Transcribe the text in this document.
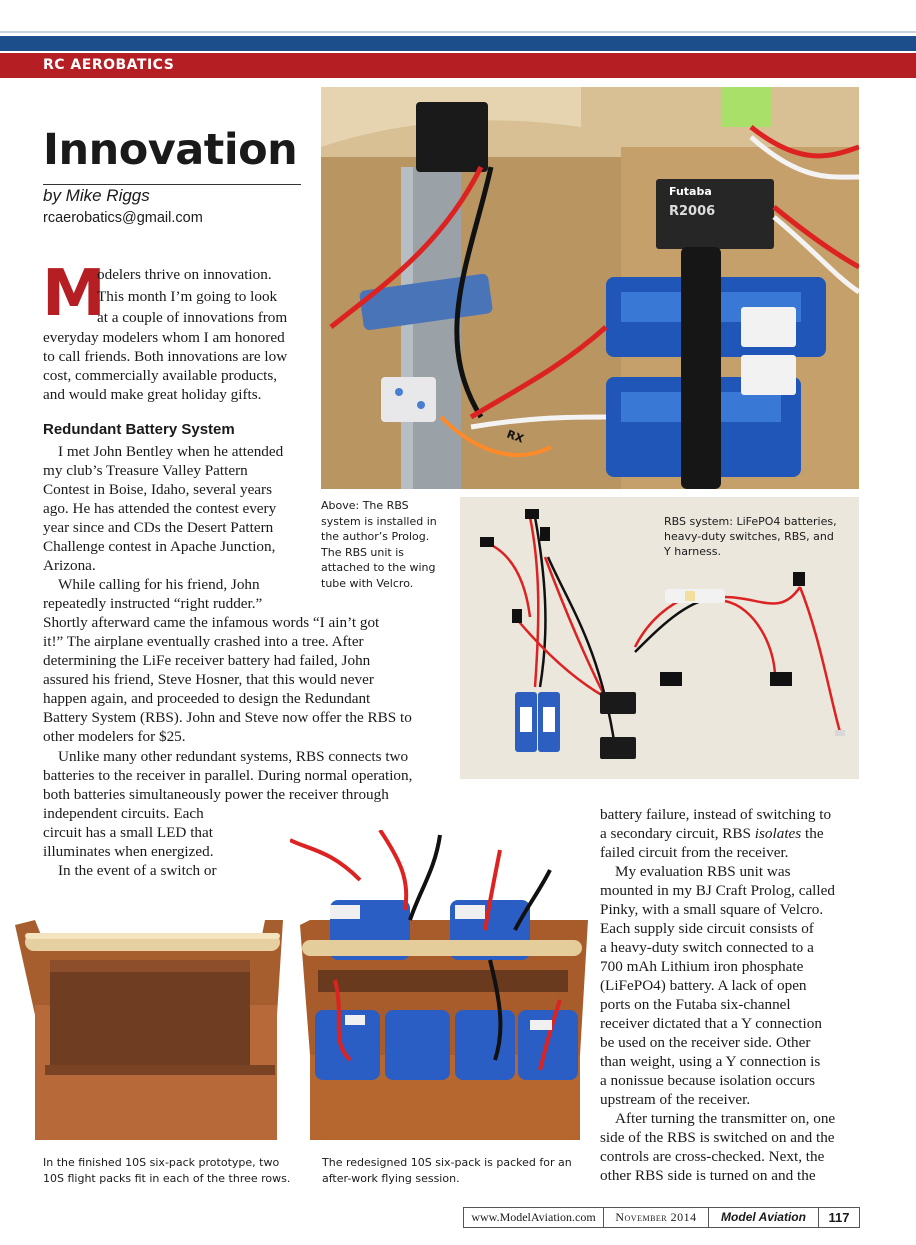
RC AEROBATICS
Innovation
by Mike Riggs
rcaerobatics@gmail.com
M
odelers thrive on innovation.
This month I’m going to look
at a couple of innovations from
everyday modelers whom I am honored
to call friends. Both innovations are low
cost, commercially available products,
and would make great holiday gifts.
Redundant Battery System
I met John Bentley when he attended
my club’s Treasure Valley Pattern
Contest in Boise, Idaho, several years
ago. He has attended the contest every
year since and CDs the Desert Pattern
Challenge contest in Apache Junction,
Arizona.
While calling for his friend, John
repeatedly instructed “right rudder.”
Shortly afterward came the infamous words “I ain’t got
it!” The airplane eventually crashed into a tree. After
determining the LiFe receiver battery had failed, John
assured his friend, Steve Hosner, that this would never
happen again, and proceeded to design the Redundant
Battery System (RBS). John and Steve now offer the RBS to
other modelers for $25.
Unlike many other redundant systems, RBS connects two
batteries to the receiver in parallel. During normal operation,
both batteries simultaneously power the receiver through
independent circuits. Each
circuit has a small LED that
illuminates when energized.
In the event of a switch or
battery failure, instead of switching to
a secondary circuit, RBS isolates the
failed circuit from the receiver.
My evaluation RBS unit was
mounted in my BJ Craft Prolog, called
Pinky, with a small square of Velcro.
Each supply side circuit consists of
a heavy-duty switch connected to a
700 mAh Lithium iron phosphate
(LiFePO4) battery. A lack of open
ports on the Futaba six-channel
receiver dictated that a Y connection
be used on the receiver side. Other
than weight, using a Y connection is
a nonissue because isolation occurs
upstream of the receiver.
After turning the transmitter on, one
side of the RBS is switched on and the
controls are cross-checked. Next, the
other RBS side is turned on and the
Futaba
R2006
RX
Above: The RBS
system is installed in
the author’s Prolog.
The RBS unit is
attached to the wing
tube with Velcro.
RBS system: LiFePO4 batteries,
heavy-duty switches, RBS, and
Y harness.
In the finished 10S six-pack prototype, two
10S flight packs fit in each of the three rows.
The redesigned 10S six-pack is packed for an
after-work flying session.
www.ModelAviation.com	November 2014	Model Aviation	117
